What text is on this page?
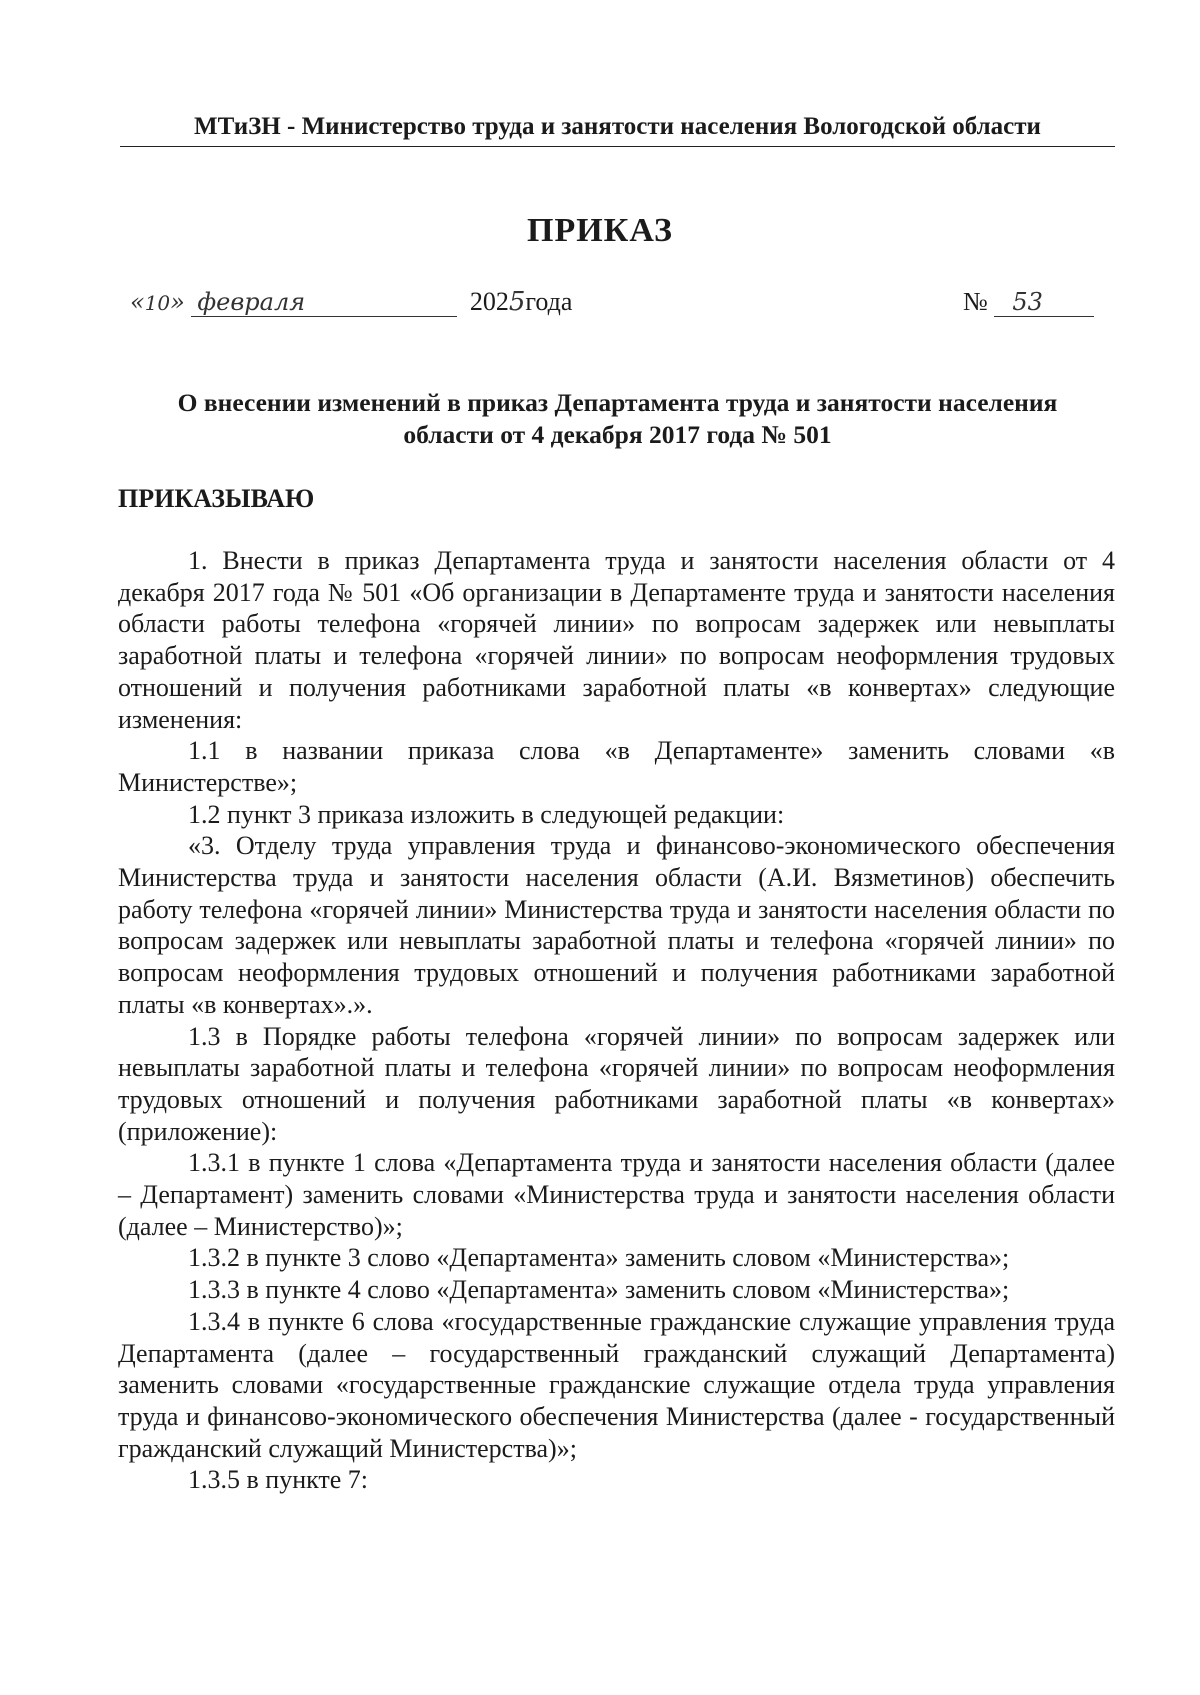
МТиЗН - Министерство труда и занятости населения Вологодской области
ПРИКАЗ
«10» февраля	2025года	№ 53
О внесении изменений в приказ Департамента труда и занятости населения
области от 4 декабря 2017 года № 501
ПРИКАЗЫВАЮ

1. Внести в приказ Департамента труда и занятости населения области от 4 декабря 2017 года № 501 «Об организации в Департаменте труда и занятости населения области работы телефона «горячей линии» по вопросам задержек или невыплаты заработной платы и телефона «горячей линии» по вопросам неоформления трудовых отношений и получения работниками заработной платы «в конвертах» следующие изменения:

1.1 в названии приказа слова «в Департаменте» заменить словами «в Министерстве»;

1.2 пункт 3 приказа изложить в следующей редакции:

«3. Отделу труда управления труда и финансово-экономического обеспечения Министерства труда и занятости населения области (А.И. Вязметинов) обеспечить работу телефона «горячей линии» Министерства труда и занятости населения области по вопросам задержек или невыплаты заработной платы и телефона «горячей линии» по вопросам неоформления трудовых отношений и получения работниками заработной платы «в конвертах».».

1.3 в Порядке работы телефона «горячей линии» по вопросам задержек или невыплаты заработной платы и телефона «горячей линии» по вопросам неоформления трудовых отношений и получения работниками заработной платы «в конвертах» (приложение):

1.3.1 в пункте 1 слова «Департамента труда и занятости населения области (далее – Департамент) заменить словами «Министерства труда и занятости населения области (далее – Министерство)»;

1.3.2 в пункте 3 слово «Департамента» заменить словом «Министерства»;

1.3.3 в пункте 4 слово «Департамента» заменить словом «Министерства»;

1.3.4 в пункте 6 слова «государственные гражданские служащие управления труда Департамента (далее – государственный гражданский служащий Департамента) заменить словами «государственные гражданские служащие отдела труда управления труда и финансово-экономического обеспечения Министерства (далее - государственный гражданский служащий Министерства)»;

1.3.5 в пункте 7:
